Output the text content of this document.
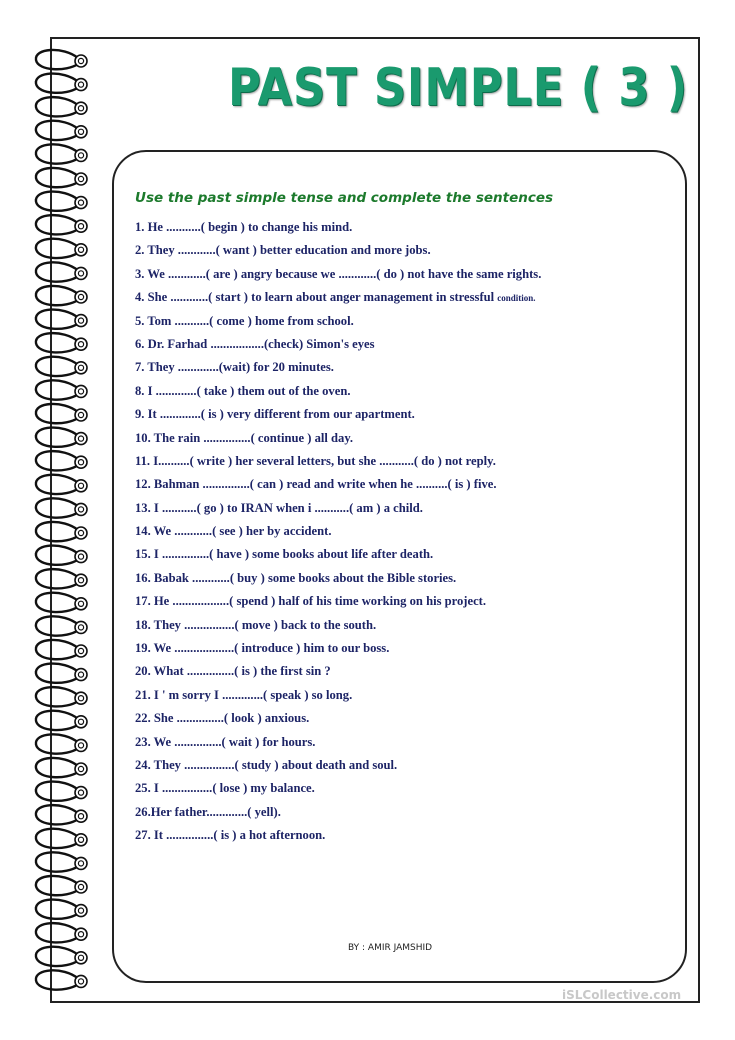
PAST SIMPLE ( 3 )
Use the past simple tense and complete the sentences
1. He ...........( begin ) to change his mind.
2. They ............( want ) better education and more jobs.
3. We ............( are ) angry because we ............( do ) not have the same rights.
4. She ............( start ) to learn about anger management in stressful condition.
5. Tom ...........( come ) home from school.
6. Dr. Farhad .................(check) Simon's eyes
7. They .............(wait) for 20 minutes.
8. I .............( take ) them out of the oven.
9. It .............( is ) very different from our apartment.
10. The rain ...............( continue ) all day.
11. I..........( write ) her several letters, but she ...........( do ) not reply.
12. Bahman ...............( can ) read and write when he ..........( is ) five.
13. I ...........( go ) to IRAN when i ...........( am ) a child.
14. We ............( see ) her by accident.
15. I ...............( have ) some books about life after death.
16. Babak ............( buy ) some books about the Bible stories.
17. He ..................( spend ) half of his time working on his project.
18. They ................( move ) back to the south.
19. We ...................( introduce ) him to our boss.
20. What ...............( is ) the first sin ?
21. I ' m sorry I .............( speak ) so long.
22. She ...............( look ) anxious.
23. We ...............( wait ) for hours.
24. They ................( study ) about death and soul.
25. I ................( lose ) my balance.
26.Her father.............( yell).
27. It ...............( is ) a hot afternoon.
BY : AMIR JAMSHID
iSLCollective.com
